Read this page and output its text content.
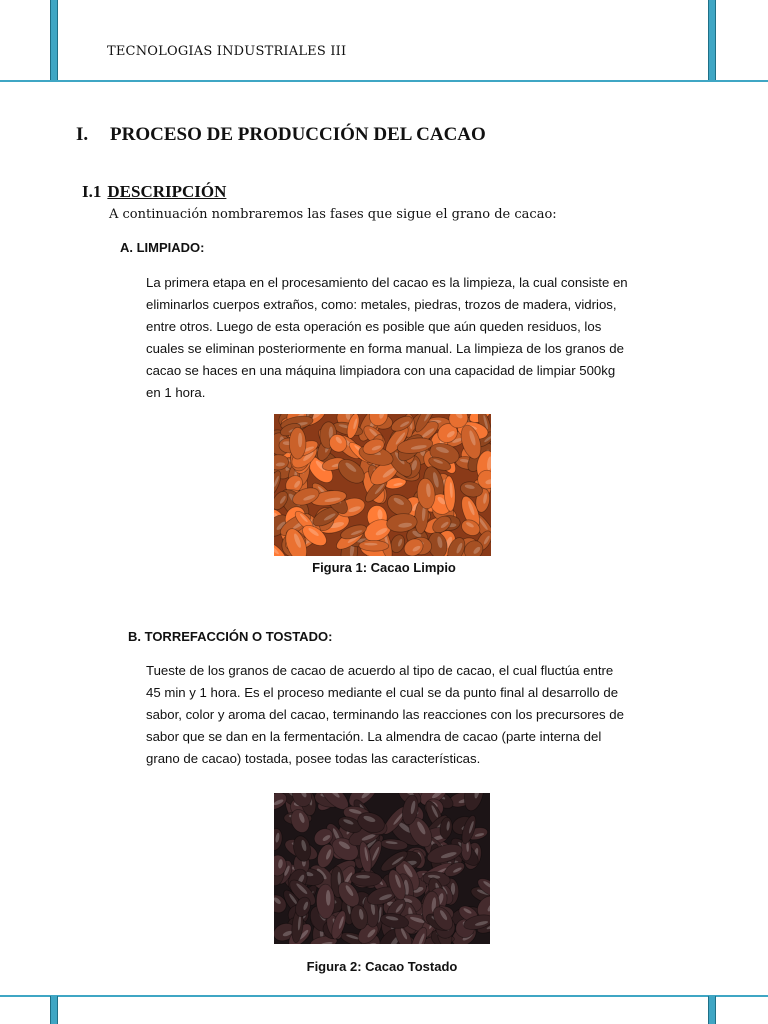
TECNOLOGIAS INDUSTRIALES III
I. PROCESO DE PRODUCCIÓN DEL CACAO
I.1 DESCRIPCIÓN
A continuación nombraremos las fases que sigue el grano de cacao:
A. LIMPIADO:
La primera etapa en el procesamiento del cacao es la limpieza, la cual consiste en
eliminarlos cuerpos extraños, como: metales, piedras, trozos de madera, vidrios,
entre otros. Luego de esta operación es posible que aún queden residuos, los
cuales se eliminan posteriormente en forma manual. La limpieza de los granos de
cacao se haces en una máquina limpiadora con una capacidad de limpiar 500kg
en 1 hora.
Figura 1: Cacao Limpio
B. TORREFACCIÓN O TOSTADO:
Tueste de los granos de cacao de acuerdo al tipo de cacao, el cual fluctúa entre
45 min y 1 hora. Es el proceso mediante el cual se da punto final al desarrollo de
sabor, color y aroma del cacao, terminando las reacciones con los precursores de
sabor que se dan en la fermentación. La almendra de cacao (parte interna del
grano de cacao) tostada, posee todas las características.
Figura 2: Cacao Tostado
